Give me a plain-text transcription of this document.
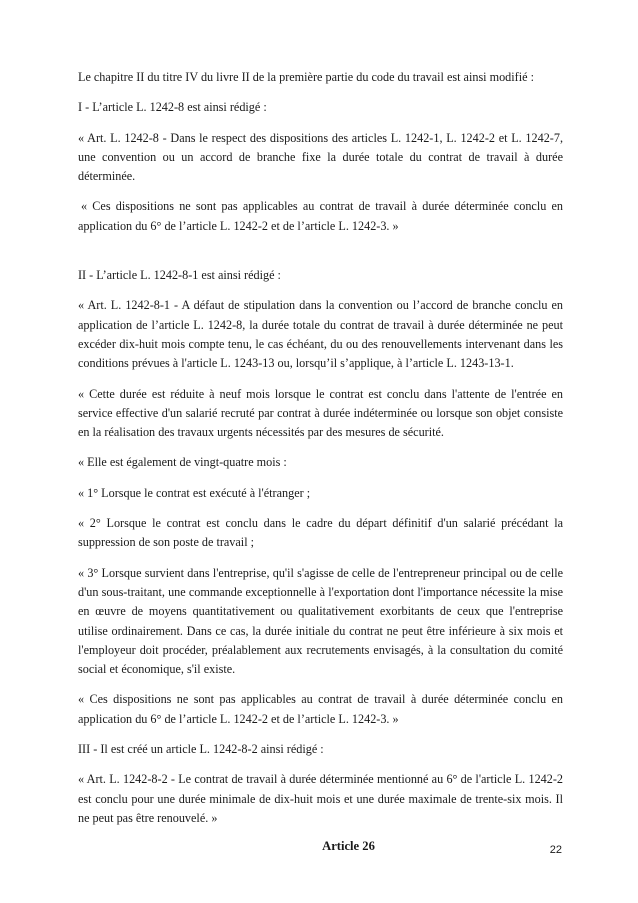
Le chapitre II du titre IV du livre II de la première partie du code du travail est ainsi modifié :

I - L’article L. 1242-8 est ainsi rédigé :

« Art. L. 1242-8 - Dans le respect des dispositions des articles L. 1242-1, L. 1242-2 et L. 1242-7, une convention ou un accord de branche fixe la durée totale du contrat de travail à durée déterminée.

« Ces dispositions ne sont pas applicables au contrat de travail à durée déterminée conclu en application du 6° de l’article L. 1242-2 et de l’article L. 1242-3. »

II - L’article L. 1242-8-1 est ainsi rédigé :

« Art. L. 1242-8-1 - A défaut de stipulation dans la convention ou l’accord de branche conclu en application de l’article L. 1242-8, la durée totale du contrat de travail à durée déterminée ne peut excéder dix-huit mois compte tenu, le cas échéant, du ou des renouvellements intervenant dans les conditions prévues à l'article L. 1243-13 ou, lorsqu’il s’applique, à l’article L. 1243-13-1.

« Cette durée est réduite à neuf mois lorsque le contrat est conclu dans l'attente de l'entrée en service effective d'un salarié recruté par contrat à durée indéterminée ou lorsque son objet consiste en la réalisation des travaux urgents nécessités par des mesures de sécurité.

« Elle est également de vingt-quatre mois :

« 1° Lorsque le contrat est exécuté à l'étranger ;

« 2° Lorsque le contrat est conclu dans le cadre du départ définitif d'un salarié précédant la suppression de son poste de travail ;

« 3° Lorsque survient dans l'entreprise, qu'il s'agisse de celle de l'entrepreneur principal ou de celle d'un sous-traitant, une commande exceptionnelle à l'exportation dont l'importance nécessite la mise en œuvre de moyens quantitativement ou qualitativement exorbitants de ceux que l'entreprise utilise ordinairement. Dans ce cas, la durée initiale du contrat ne peut être inférieure à six mois et l'employeur doit procéder, préalablement aux recrutements envisagés, à la consultation du comité social et économique, s'il existe.

« Ces dispositions ne sont pas applicables au contrat de travail à durée déterminée conclu en application du 6° de l’article L. 1242-2 et de l’article L. 1242-3. »

III - Il est créé un article L. 1242-8-2 ainsi rédigé :

« Art. L. 1242-8-2 - Le contrat de travail à durée déterminée mentionné au 6° de l'article L. 1242-2 est conclu pour une durée minimale de dix-huit mois et une durée maximale de trente-six mois. Il ne peut pas être renouvelé. »

Article 26	22
